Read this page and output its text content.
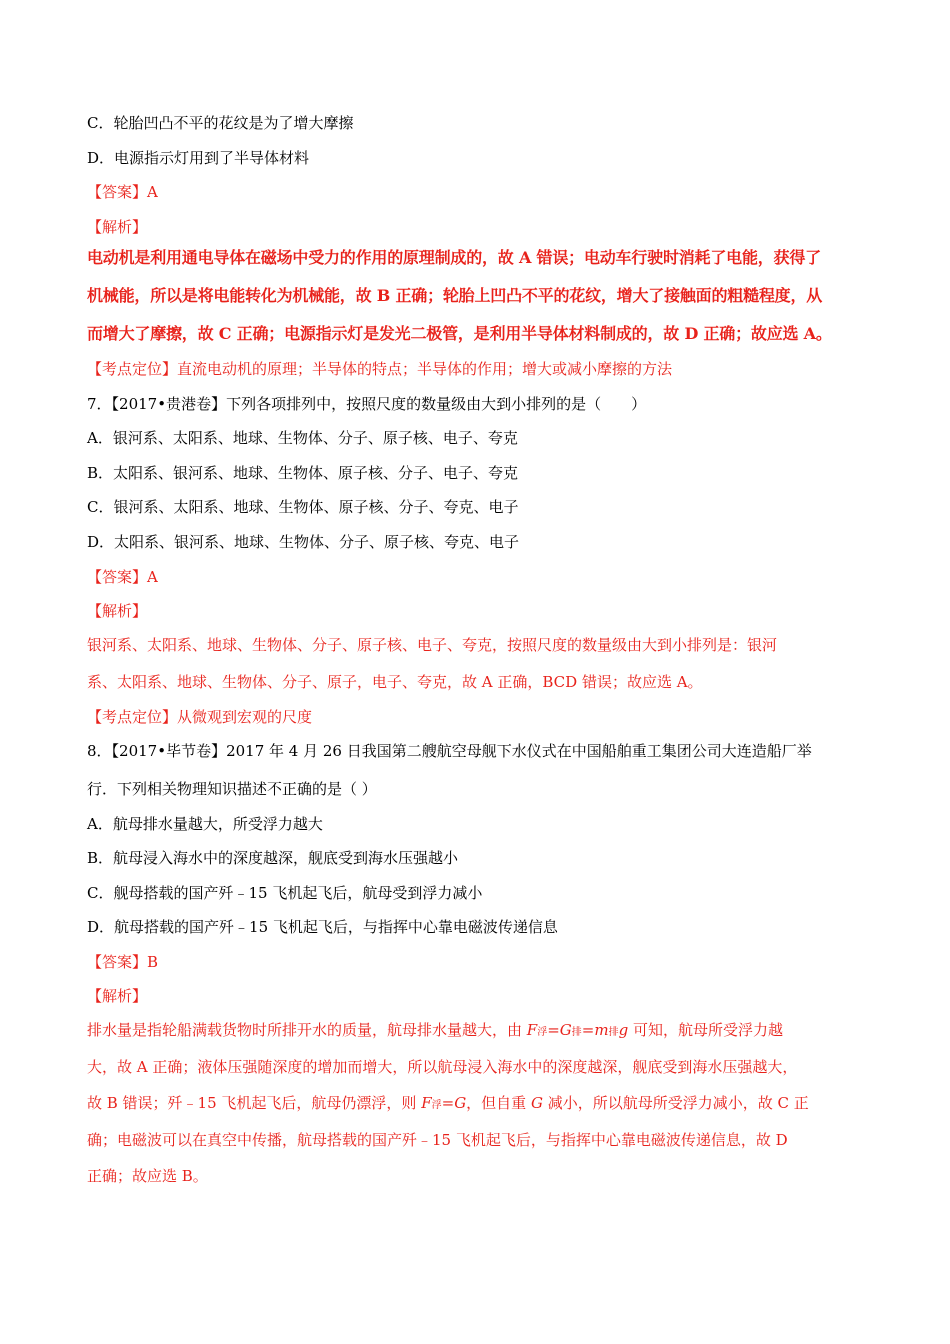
C．轮胎凹凸不平的花纹是为了增大摩擦
D．电源指示灯用到了半导体材料
【答案】A
【解析】
电动机是利用通电导体在磁场中受力的作用的原理制成的，故 A 错误；电动车行驶时消耗了电能，获得了
机械能，所以是将电能转化为机械能，故 B 正确；轮胎上凹凸不平的花纹，增大了接触面的粗糙程度，从
而增大了摩擦，故 C 正确；电源指示灯是发光二极管，是利用半导体材料制成的，故 D 正确；故应选 A。
【考点定位】直流电动机的原理；半导体的特点；半导体的作用；增大或减小摩擦的方法
7．【2017•贵港卷】下列各项排列中，按照尺度的数量级由大到小排列的是（　　）
A．银河系、太阳系、地球、生物体、分子、原子核、电子、夸克
B．太阳系、银河系、地球、生物体、原子核、分子、电子、夸克
C．银河系、太阳系、地球、生物体、原子核、分子、夸克、电子
D．太阳系、银河系、地球、生物体、分子、原子核、夸克、电子
【答案】A
【解析】
银河系、太阳系、地球、生物体、分子、原子核、电子、夸克，按照尺度的数量级由大到小排列是：银河
系、太阳系、地球、生物体、分子、原子，电子、夸克，故 A 正确，BCD 错误；故应选 A。
【考点定位】从微观到宏观的尺度
8．【2017•毕节卷】2017 年 4 月 26 日我国第二艘航空母舰下水仪式在中国船舶重工集团公司大连造船厂举
行．下列相关物理知识描述不正确的是（ ）
A．航母排水量越大，所受浮力越大
B．航母浸入海水中的深度越深，舰底受到海水压强越小
C．舰母搭载的国产歼﹣15 飞机起飞后，航母受到浮力减小
D．航母搭载的国产歼﹣15 飞机起飞后，与指挥中心靠电磁波传递信息
【答案】B
【解析】
排水量是指轮船满载货物时所排开水的质量，航母排水量越大，由 F浮=G排=m排g 可知，航母所受浮力越
大，故 A 正确；液体压强随深度的增加而增大，所以航母浸入海水中的深度越深，舰底受到海水压强越大，
故 B 错误；歼﹣15 飞机起飞后，航母仍漂浮，则 F浮=G，但自重 G 减小，所以航母所受浮力减小，故 C 正
确；电磁波可以在真空中传播，航母搭载的国产歼﹣15 飞机起飞后，与指挥中心靠电磁波传递信息，故 D
正确；故应选 B。
